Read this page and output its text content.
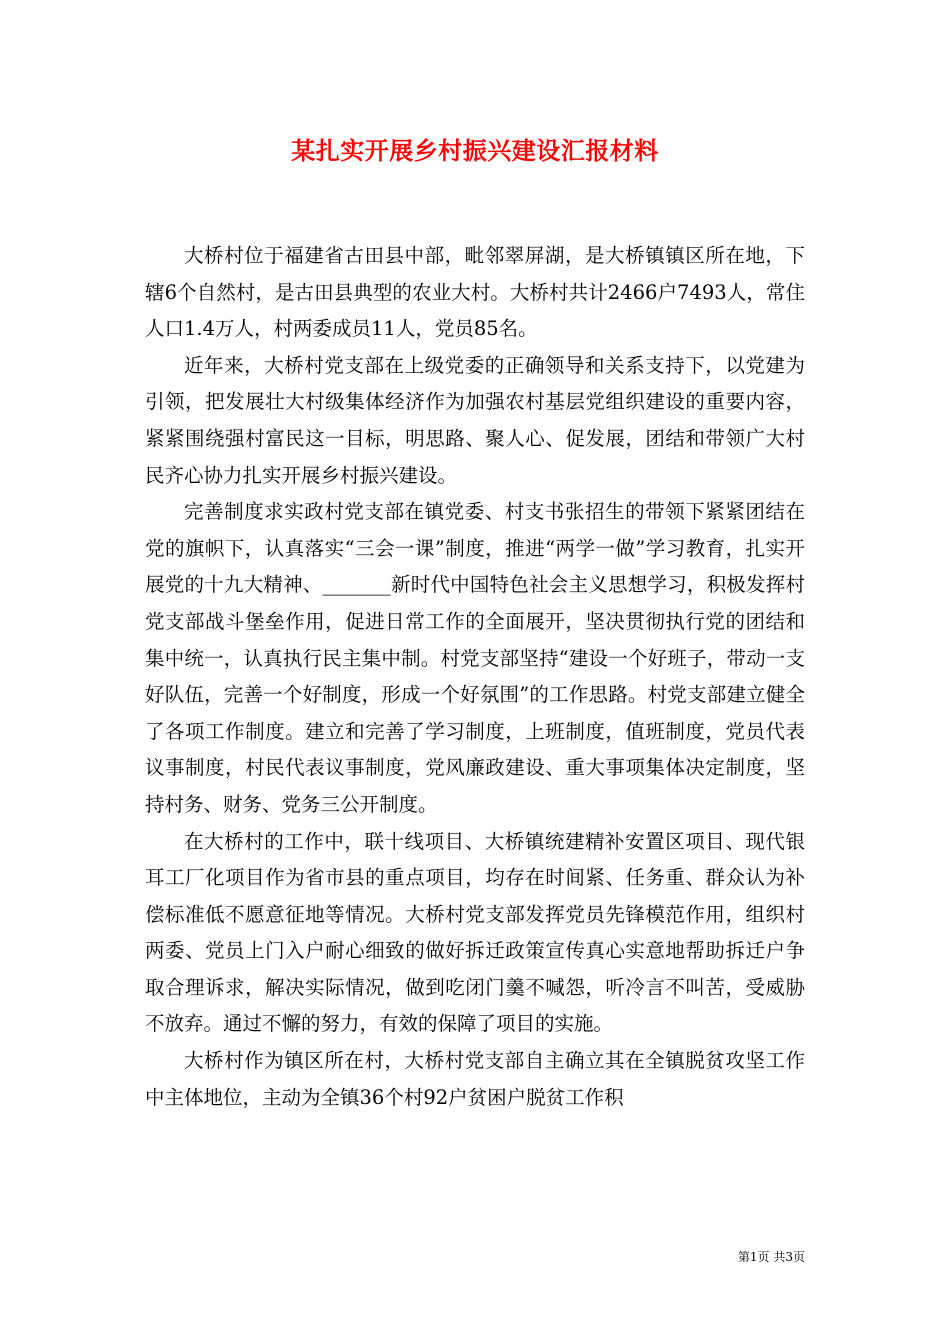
某扎实开展乡村振兴建设汇报材料

大桥村位于福建省古田县中部，毗邻翠屏湖，是大桥镇镇区所在地，下辖6个自然村，是古田县典型的农业大村。大桥村共计2466户7493人，常住人口1.4万人，村两委成员11人，党员85名。

近年来，大桥村党支部在上级党委的正确领导和关系支持下，以党建为引领，把发展壮大村级集体经济作为加强农村基层党组织建设的重要内容，紧紧围绕强村富民这一目标，明思路、聚人心、促发展，团结和带领广大村民齐心协力扎实开展乡村振兴建设。

完善制度求实政村党支部在镇党委、村支书张招生的带领下紧紧团结在党的旗帜下，认真落实“三会一课”制度，推进“两学一做”学习教育，扎实开展党的十九大精神、_______新时代中国特色社会主义思想学习，积极发挥村党支部战斗堡垒作用，促进日常工作的全面展开，坚决贯彻执行党的团结和集中统一，认真执行民主集中制。村党支部坚持“建设一个好班子，带动一支好队伍，完善一个好制度，形成一个好氛围”的工作思路。村党支部建立健全了各项工作制度。建立和完善了学习制度，上班制度，值班制度，党员代表议事制度，村民代表议事制度，党风廉政建设、重大事项集体决定制度，坚持村务、财务、党务三公开制度。

在大桥村的工作中，联十线项目、大桥镇统建精补安置区项目、现代银耳工厂化项目作为省市县的重点项目，均存在时间紧、任务重、群众认为补偿标准低不愿意征地等情况。大桥村党支部发挥党员先锋模范作用，组织村两委、党员上门入户耐心细致的做好拆迁政策宣传真心实意地帮助拆迁户争取合理诉求，解决实际情况，做到吃闭门羹不喊怨，听冷言不叫苦，受威胁不放弃。通过不懈的努力，有效的保障了项目的实施。

大桥村作为镇区所在村，大桥村党支部自主确立其在全镇脱贫攻坚工作中主体地位，主动为全镇36个村92户贫困户脱贫工作积

第1页 共3页
